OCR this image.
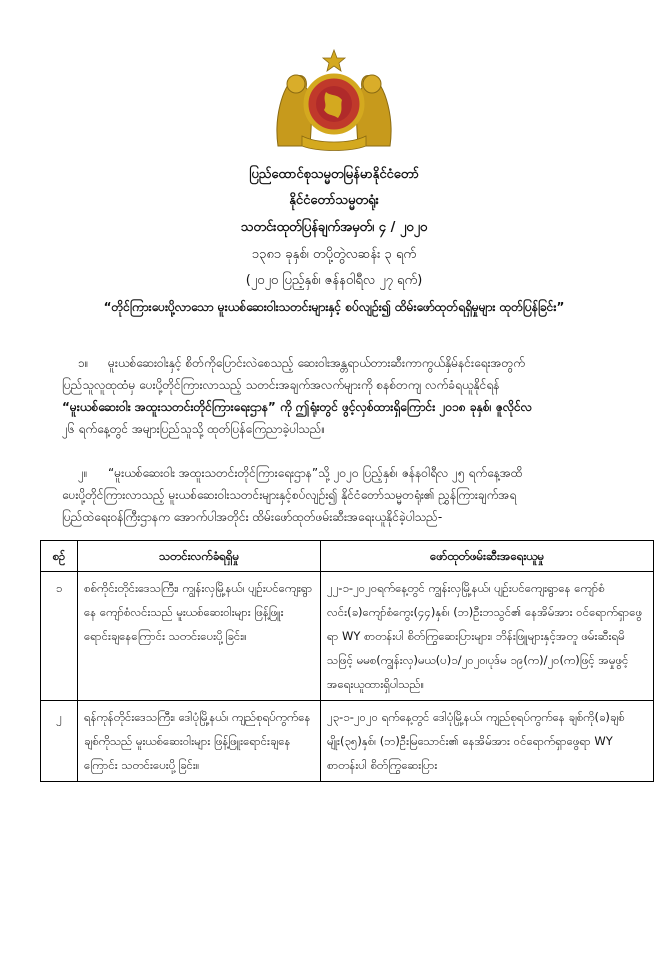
ပြည်ထောင်စုသမ္မတမြန်မာနိုင်ငံတော်
နိုင်ငံတော်သမ္မတရုံး
သတင်းထုတ်ပြန်ချက်အမှတ်၊ ၄ / ၂၀၂၀
၁၃၈၁ ခုနှစ်၊ တပို့တွဲလဆန်း ၃ ရက်
(၂၀၂၀ ပြည့်နှစ်၊ ဇန်နဝါရီလ ၂၇ ရက်)
“တိုင်ကြားပေးပို့လာသော မူးယစ်ဆေးဝါးသတင်းများနှင့် စပ်လျဉ်း၍ ထိမ်းဖော်ထုတ်ရရှိမှုများ ထုတ်ပြန်ခြင်း”
၁။	မူးယစ်ဆေးဝါးနှင့် စိတ်ကိုပြောင်းလဲစေသည့် ဆေးဝါးအန္တရာယ်တားဆီးကာကွယ်နှိမ်နင်းရေးအတွက်
ပြည်သူလူထုထံမှ ပေးပို့တိုင်ကြားလာသည့် သတင်းအချက်အလက်များကို စနစ်တကျ လက်ခံရယူနိုင်ရန်
“မူးယစ်ဆေးဝါး အထူးသတင်းတိုင်ကြားရေးဌာန” ကို ဤရုံးတွင် ဖွင့်လှစ်ထားရှိကြောင်း ၂၀၁၈ ခုနှစ်၊ ဇူလိုင်လ
၂၆ ရက်နေ့တွင် အများပြည်သူသို့ ထုတ်ပြန်ကြေညာခဲ့ပါသည်။
၂။	“မူးယစ်ဆေးဝါး အထူးသတင်းတိုင်ကြားရေးဌာန”သို့ ၂၀၂၀ ပြည့်နှစ်၊ ဇန်နဝါရီလ ၂၅ ရက်နေ့အထိ
ပေးပို့တိုင်ကြားလာသည့် မူးယစ်ဆေးဝါးသတင်းများနှင့်စပ်လျဉ်း၍ နိုင်ငံတော်သမ္မတရုံး၏ ညွှန်ကြားချက်အရ
ပြည်ထဲရေးဝန်ကြီးဌာနက အောက်ပါအတိုင်း ထိမ်းဖော်ထုတ်ဖမ်းဆီးအရေးယူနိုင်ခဲ့ပါသည်-
စဉ်	သတင်းလက်ခံရရှိမှု	ဖော်ထုတ်ဖမ်းဆီးအရေးယူမှု
၁	စစ်ကိုင်းတိုင်းဒေသကြီး၊ ကျွန်းလှမြို့နယ်၊ ပျဉ်းပင်ကျေးရွာနေ ကျော်စံလင်းသည် မူးယစ်ဆေးဝါးများ ဖြန့်ဖြူးရောင်းချနေကြောင်း သတင်းပေးပို့ခြင်း။	၂၂-၁-၂၀၂၀ရက်နေ့တွင် ကျွန်းလှမြို့နယ်၊ ပျဉ်းပင်ကျေးရွာနေ ကျော်စံလင်း(ခ)ကျော်စံကွေး(၄၄)နှစ်၊ (ဘ)ဦးဘသွင်၏ နေအိမ်အား ဝင်ရောက်ရှာဖွေရာ WY စာတန်းပါ စိတ်ကြွဆေးပြားများ၊ ဘိန်းဖြူများနှင့်အတူ ဖမ်းဆီးရမိသဖြင့် မမစ(ကျွန်းလှ)မယ(ပ)၁/၂၀၂၀၊ပုဒ်မ ၁၉(က)/၂၀(က)ဖြင့် အမှုဖွင့်အရေးယူထားရှိပါသည်။
၂	ရန်ကုန်တိုင်းဒေသကြီး၊ ဒေါပုံမြို့နယ်၊ ကျည်စုရပ်ကွက်နေ ချစ်ကိုသည် မူးယစ်ဆေးဝါးများ ဖြန့်ဖြူးရောင်းချနေကြောင်း သတင်းပေးပို့ခြင်း။	၂၃-၁-၂၀၂၀ ရက်နေ့တွင် ဒေါပုံမြို့နယ်၊ ကျည်စုရပ်ကွက်နေ ချစ်ကို(ခ)ချစ်မျိုး(၃၅)နှစ်၊ (ဘ)ဦးမြသောင်း၏ နေအိမ်အား ဝင်ရောက်ရှာဖွေရာ WY စာတန်းပါ စိတ်ကြွဆေးပြား
